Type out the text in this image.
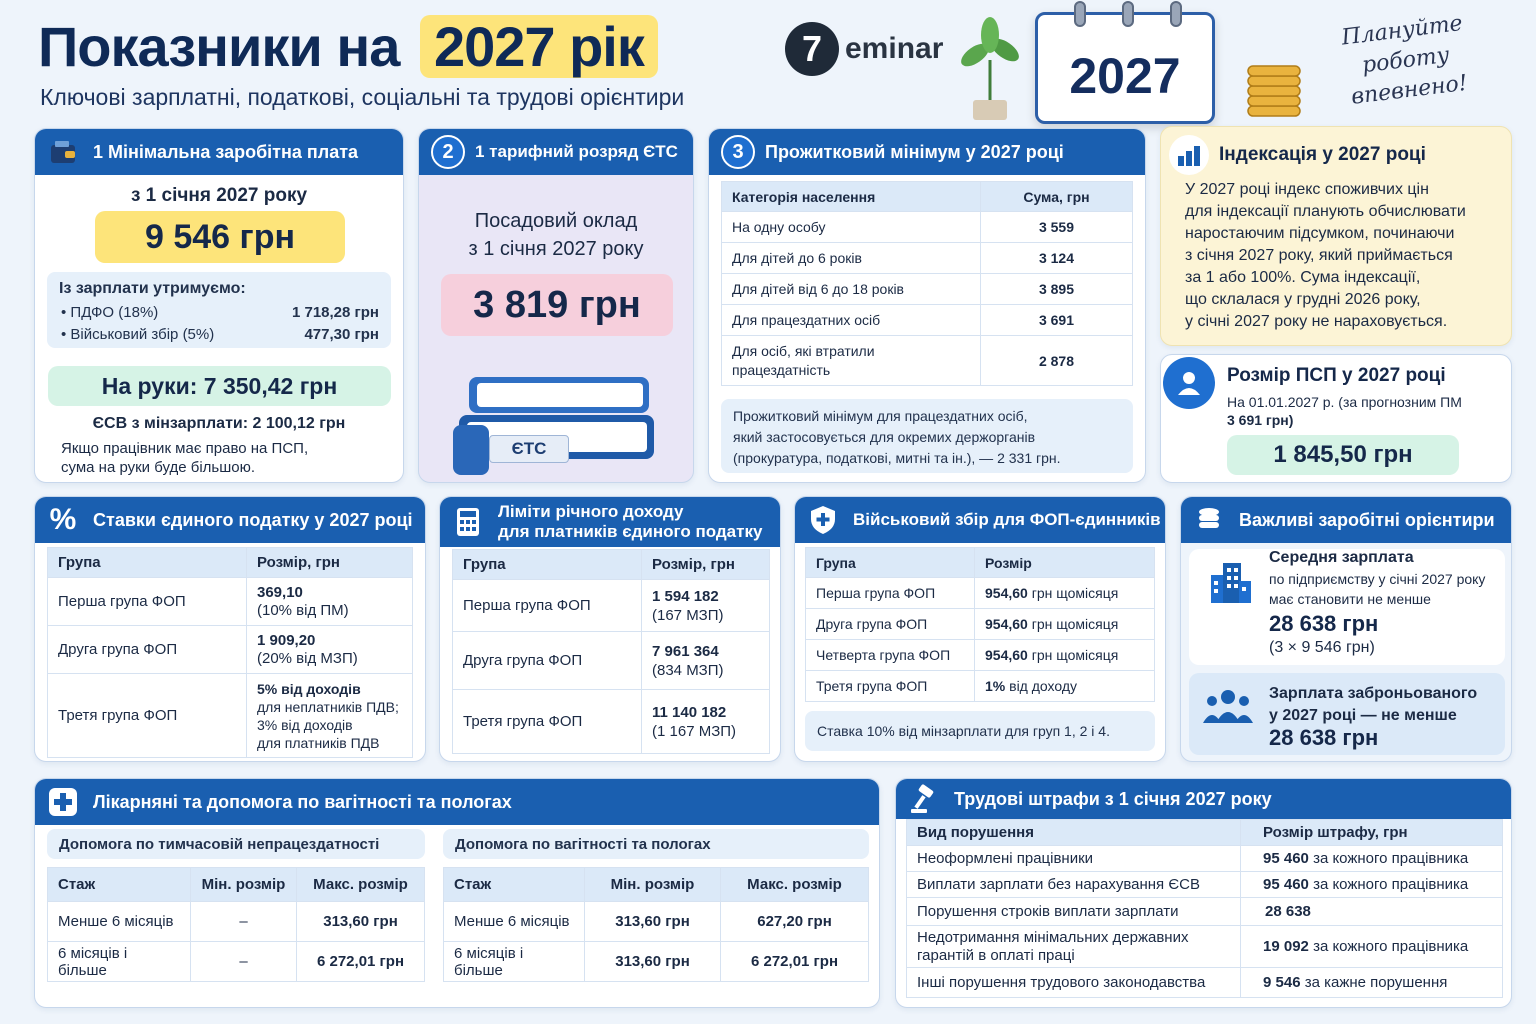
Показники на 2027 рік
Ключові зарплатні, податкові, соціальні та трудові орієнтири
7 eminar	2027
Плануйте
роботу
впевнено!
1 Мінімальна заробітна плата
з 1 січня 2027 року
9 546 грн
Із зарплати утримуємо:
• ПДФО (18%)	1 718,28 грн
• Військовий збір (5%)	477,30 грн
На руки: 7 350,42 грн
ЄСВ з мінзарплати: 2 100,12 грн
Якщо працівник має право на ПСП,
сума на руки буде більшою.
2	1 тарифний розряд ЄТС
Посадовий оклад
з 1 січня 2027 року
3 819 грн
ЄТС
3	Прожитковий мінімум у 2027 році
Категорія населення	Сума, грн
На одну особу	3 559
Для дітей до 6 років	3 124
Для дітей від 6 до 18 років	3 895
Для працездатних осіб	3 691
Для осіб, які втратили працездатність	2 878
Прожитковий мінімум для працездатних осіб,
який застосовується для окремих держорганів
(прокуратура, податкові, митні та ін.), — 2 331 грн.
Індексація у 2027 році
У 2027 році індекс споживчих цін
для індексації планують обчислювати
наростаючим підсумком, починаючи
з січня 2027 року, який приймається
за 1 або 100%. Сума індексації,
що склалася у грудні 2026 року,
у січні 2027 року не нараховується.
Розмір ПСП у 2027 році
На 01.01.2027 р. (за прогнозним ПМ
3 691 грн)
1 845,50 грн
% Ставки єдиного податку у 2027 році
Група	Розмір, грн
Перша група ФОП	369,10
(10% від ПМ)

Друга група ФОП	1 909,20
(20% від МЗП)

Третя група ФОП	5% від доходів
для неплатників ПДВ;
3% від доходів
для платників ПДВ
Ліміти річного доходу
для платників єдиного податку
Група	Розмір, грн
Перша група ФОП	1 594 182
(167 МЗП)

Друга група ФОП	7 961 364
(834 МЗП)

Третя група ФОП	11 140 182
(1 167 МЗП)
Військовий збір для ФОП-єдинників
Група	Розмір
Перша група ФОП	954,60 грн щомісяця
Друга група ФОП	954,60 грн щомісяця
Четверта група ФОП	954,60 грн щомісяця
Третя група ФОП	1% від доходу
Ставка 10% від мінзарплати для груп 1, 2 і 4.
Важливі заробітні орієнтири
Середня зарплата
по підприємству у січні 2027 року
має становити не менше
28 638 грн
(3 × 9 546 грн)
Зарплата заброньованого
у 2027 році — не менше
28 638 грн
Лікарняні та допомога по вагітності та пологах
Допомога по тимчасовій непрацездатності
Стаж	Мін. розмір	Макс. розмір
Менше 6 місяців	–	313,60 грн
6 місяців і більше	–	6 272,01 грн
Допомога по вагітності та пологах
Стаж	Мін. розмір	Макс. розмір
Менше 6 місяців	313,60 грн	627,20 грн
6 місяців і більше	313,60 грн	6 272,01 грн
Трудові штрафи з 1 січня 2027 року
Вид порушення	Розмір штрафу, грн
Неоформлені працівники	95 460 за кожного працівника
Виплати зарплати без нарахування ЄСВ	95 460 за кожного працівника
Порушення строків виплати зарплати	28 638
Недотримання мінімальних державних гарантій в оплаті праці	19 092 за кожного працівника
Інші порушення трудового законодавства	9 546 за кажне порушення
